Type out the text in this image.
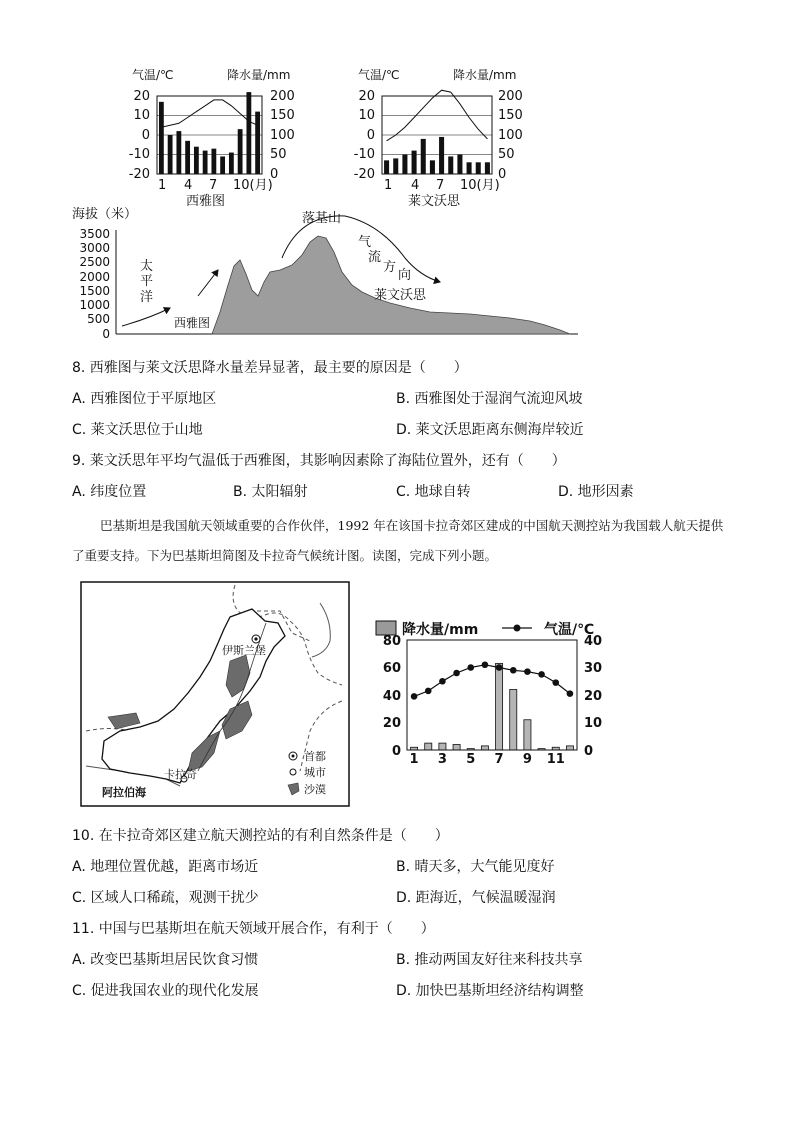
气温/℃	降水量/mm
20
10
0
-10
-20
200
150
100
50
0
1 4 7 10(月)
西雅图
气温/℃	降水量/mm
20
10
0
-10
-20
200
150
100
50
0
1 4 7 10(月)
莱文沃思
海拔（米）
3500
3000
2500
2000
1500
1000
500
0
太
平
洋
西雅图
落基山
气
流
方
向
莱文沃思
8. 西雅图与莱文沃思降水量差异显著，最主要的原因是（　　）
A. 西雅图位于平原地区	B. 西雅图处于湿润气流迎风坡
C. 莱文沃思位于山地	D. 莱文沃思距离东侧海岸较近
9. 莱文沃思年平均气温低于西雅图，其影响因素除了海陆位置外，还有（　　）
A. 纬度位置	B. 太阳辐射	C. 地球自转	D. 地形因素
巴基斯坦是我国航天领域重要的合作伙伴，1992 年在该国卡拉奇郊区建成的中国航天测控站为我国载人航天提供了重要支持。下为巴基斯坦简图及卡拉奇气候统计图。读图，完成下列小题。
伊斯兰堡
卡拉奇
阿拉伯海
首都
城市
沙漠
降水量/mm	气温/℃
80
60
40
20
0
40
30
20
10
0
1 3 5 7 9 11
10. 在卡拉奇郊区建立航天测控站的有利自然条件是（　　）
A. 地理位置优越，距离市场近	B. 晴天多，大气能见度好
C. 区域人口稀疏，观测干扰少	D. 距海近，气候温暖湿润
11. 中国与巴基斯坦在航天领域开展合作，有利于（　　）
A. 改变巴基斯坦居民饮食习惯	B. 推动两国友好往来科技共享
C. 促进我国农业的现代化发展	D. 加快巴基斯坦经济结构调整
